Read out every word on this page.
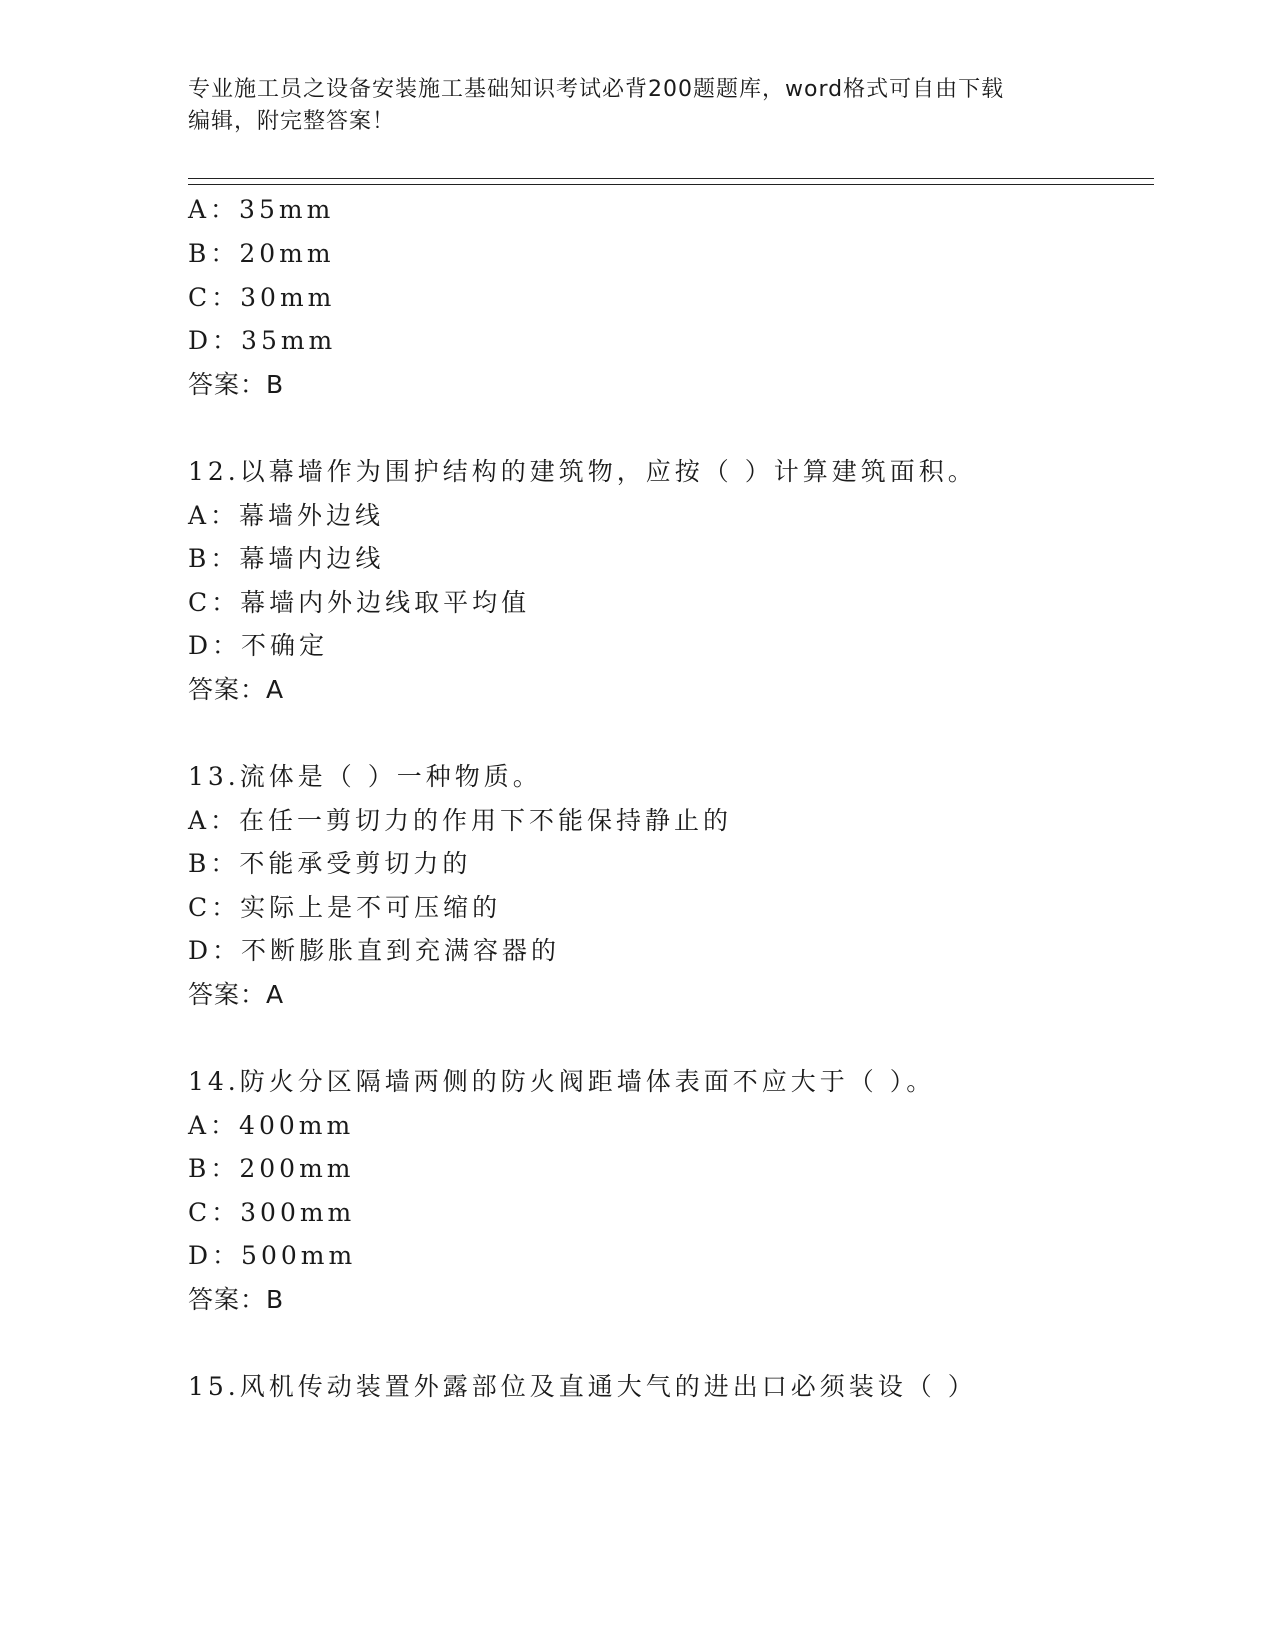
专业施工员之设备安装施工基础知识考试必背200题题库，word格式可自由下载
编辑，附完整答案！
A：35mm
B：20mm
C：30mm
D：35mm
答案：B
12.以幕墙作为围护结构的建筑物，应按（ ）计算建筑面积。
A：幕墙外边线
B：幕墙内边线
C：幕墙内外边线取平均值
D：不确定
答案：A
13.流体是（ ）一种物质。
A：在任一剪切力的作用下不能保持静止的
B：不能承受剪切力的
C：实际上是不可压缩的
D：不断膨胀直到充满容器的
答案：A
14.防火分区隔墙两侧的防火阀距墙体表面不应大于（ ）。
A：400mm
B：200mm
C：300mm
D：500mm
答案：B
15.风机传动装置外露部位及直通大气的进出口必须装设（ ）
